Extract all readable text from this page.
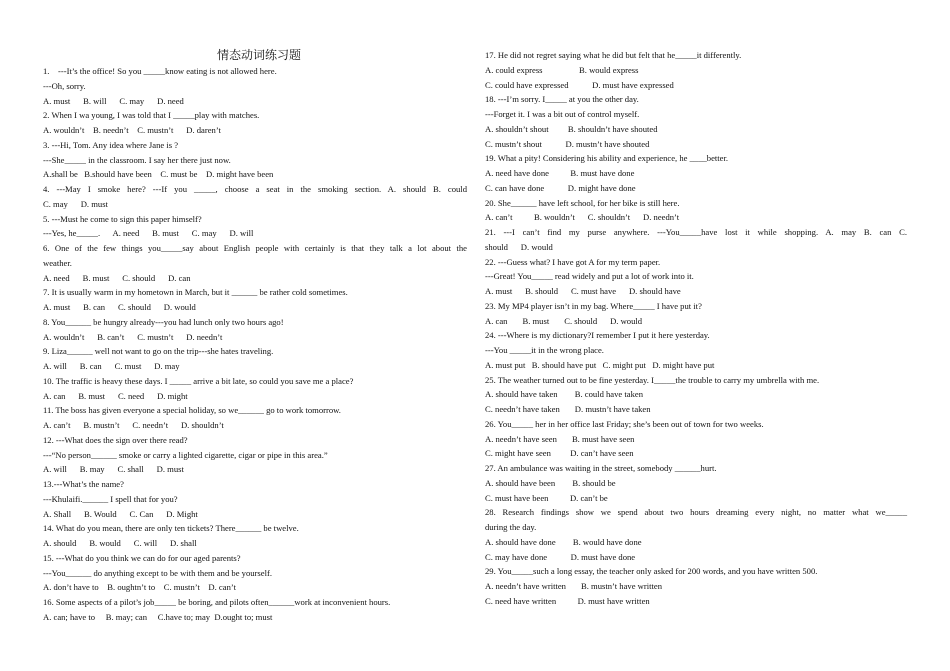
情态动词练习题
1.    ---It’s the office! So you _____know eating is not allowed here.
---Oh, sorry.
A. must      B. will      C. may      D. need
2. When I wa young, I was told that I _____play with matches.
A. wouldn’t    B. needn’t    C. mustn’t      D. daren’t
3. ---Hi, Tom. Any idea where Jane is ?
---She_____ in the classroom. I say her there just now.
A.shall be   B.should have been    C. must be    D. might have been
4. ---May I smoke here? ---If you _____, choose a seat in the smoking section. A. should B. could
C. may      D. must
5. ---Must he come to sign this paper himself?
---Yes, he_____.      A. need      B. must      C. may      D. will
6. One of the few things you_____say about English people with certainly is that they talk a lot about the
weather.
A. need      B. must      C. should      D. can
7. It is usually warm in my hometown in March, but it ______ be rather cold sometimes.
A. must      B. can      C. should      D. would
8. You______ be hungry already---you had lunch only two hours ago!
A. wouldn’t      B. can’t      C. mustn’t      D. needn’t
9. Liza______ well not want to go on the trip---she hates traveling.
A. will      B. can      C. must      D. may
10. The traffic is heavy these days. I _____ arrive a bit late, so could you save me a place?
A. can      B. must      C. need      D. might
11. The boss has given everyone a special holiday, so we______ go to work tomorrow.
A. can’t      B. mustn’t      C. needn’t      D. shouldn’t
12. ---What does the sign over there read?
---“No person______ smoke or carry a lighted cigarette, cigar or pipe in this area.”
A. will      B. may      C. shall      D. must
13.---What’s the name?
---Khulaifi.______ I spell that for you?
A. Shall      B. Would      C. Can      D. Might
14. What do you mean, there are only ten tickets? There______ be twelve.
A. should      B. would      C. will      D. shall
15. ---What do you think we can do for our aged parents?
---You______ do anything except to be with them and be yourself.
A. don’t have to    B. oughtn’t to    C. mustn’t    D. can’t
16. Some aspects of a pilot’s job_____ be boring, and pilots often______work at inconvenient hours.
A. can; have to     B. may; can     C.have to; may  D.ought to; must
17. He did not regret saying what he did but felt that he_____it differently.
A. could express                 B. would express
C. could have expressed           D. must have expressed
18. ---I’m sorry. I_____ at you the other day.
---Forget it. I was a bit out of control myself.
A. shouldn’t shout         B. shouldn’t have shouted
C. mustn’t shout           D. mustn’t have shouted
19. What a pity! Considering his ability and experience, he ____better.
A. need have done          B. must have done
C. can have done           D. might have done
20. She______ have left school, for her bike is still here.
A. can’t          B. wouldn’t      C. shouldn’t      D. needn’t
21. ---I can’t find my purse anywhere. ---You_____have lost it while shopping. A. may B. can C.
should      D. would
22. ---Guess what? I have got A for my term paper.
---Great! You_____ read widely and put a lot of work into it.
A. must      B. should      C. must have      D. should have
23. My MP4 player isn’t in my bag. Where_____ I have put it?
A. can       B. must       C. should      D. would
24. ---Where is my dictionary?I remember I put it here yesterday.
---You _____it in the wrong place.
A. must put   B. should have put   C. might put   D. might have put
25. The weather turned out to be fine yesterday. I_____the trouble to carry my umbrella with me.
A. should have taken        B. could have taken
C. needn’t have taken       D. mustn’t have taken
26. You_____ her in her office last Friday; she’s been out of town for two weeks.
A. needn’t have seen       B. must have seen
C. might have seen         D. can’t have seen
27. An ambulance was waiting in the street, somebody ______hurt.
A. should have been        B. should be
C. must have been          D. can’t be
28. Research findings show we spend about two hours dreaming every night, no matter what we_____
during the day.
A. should have done        B. would have done
C. may have done           D. must have done
29. You_____such a long essay, the teacher only asked for 200 words, and you have written 500.
A. needn’t have written       B. mustn’t have written
C. need have written          D. must have written
